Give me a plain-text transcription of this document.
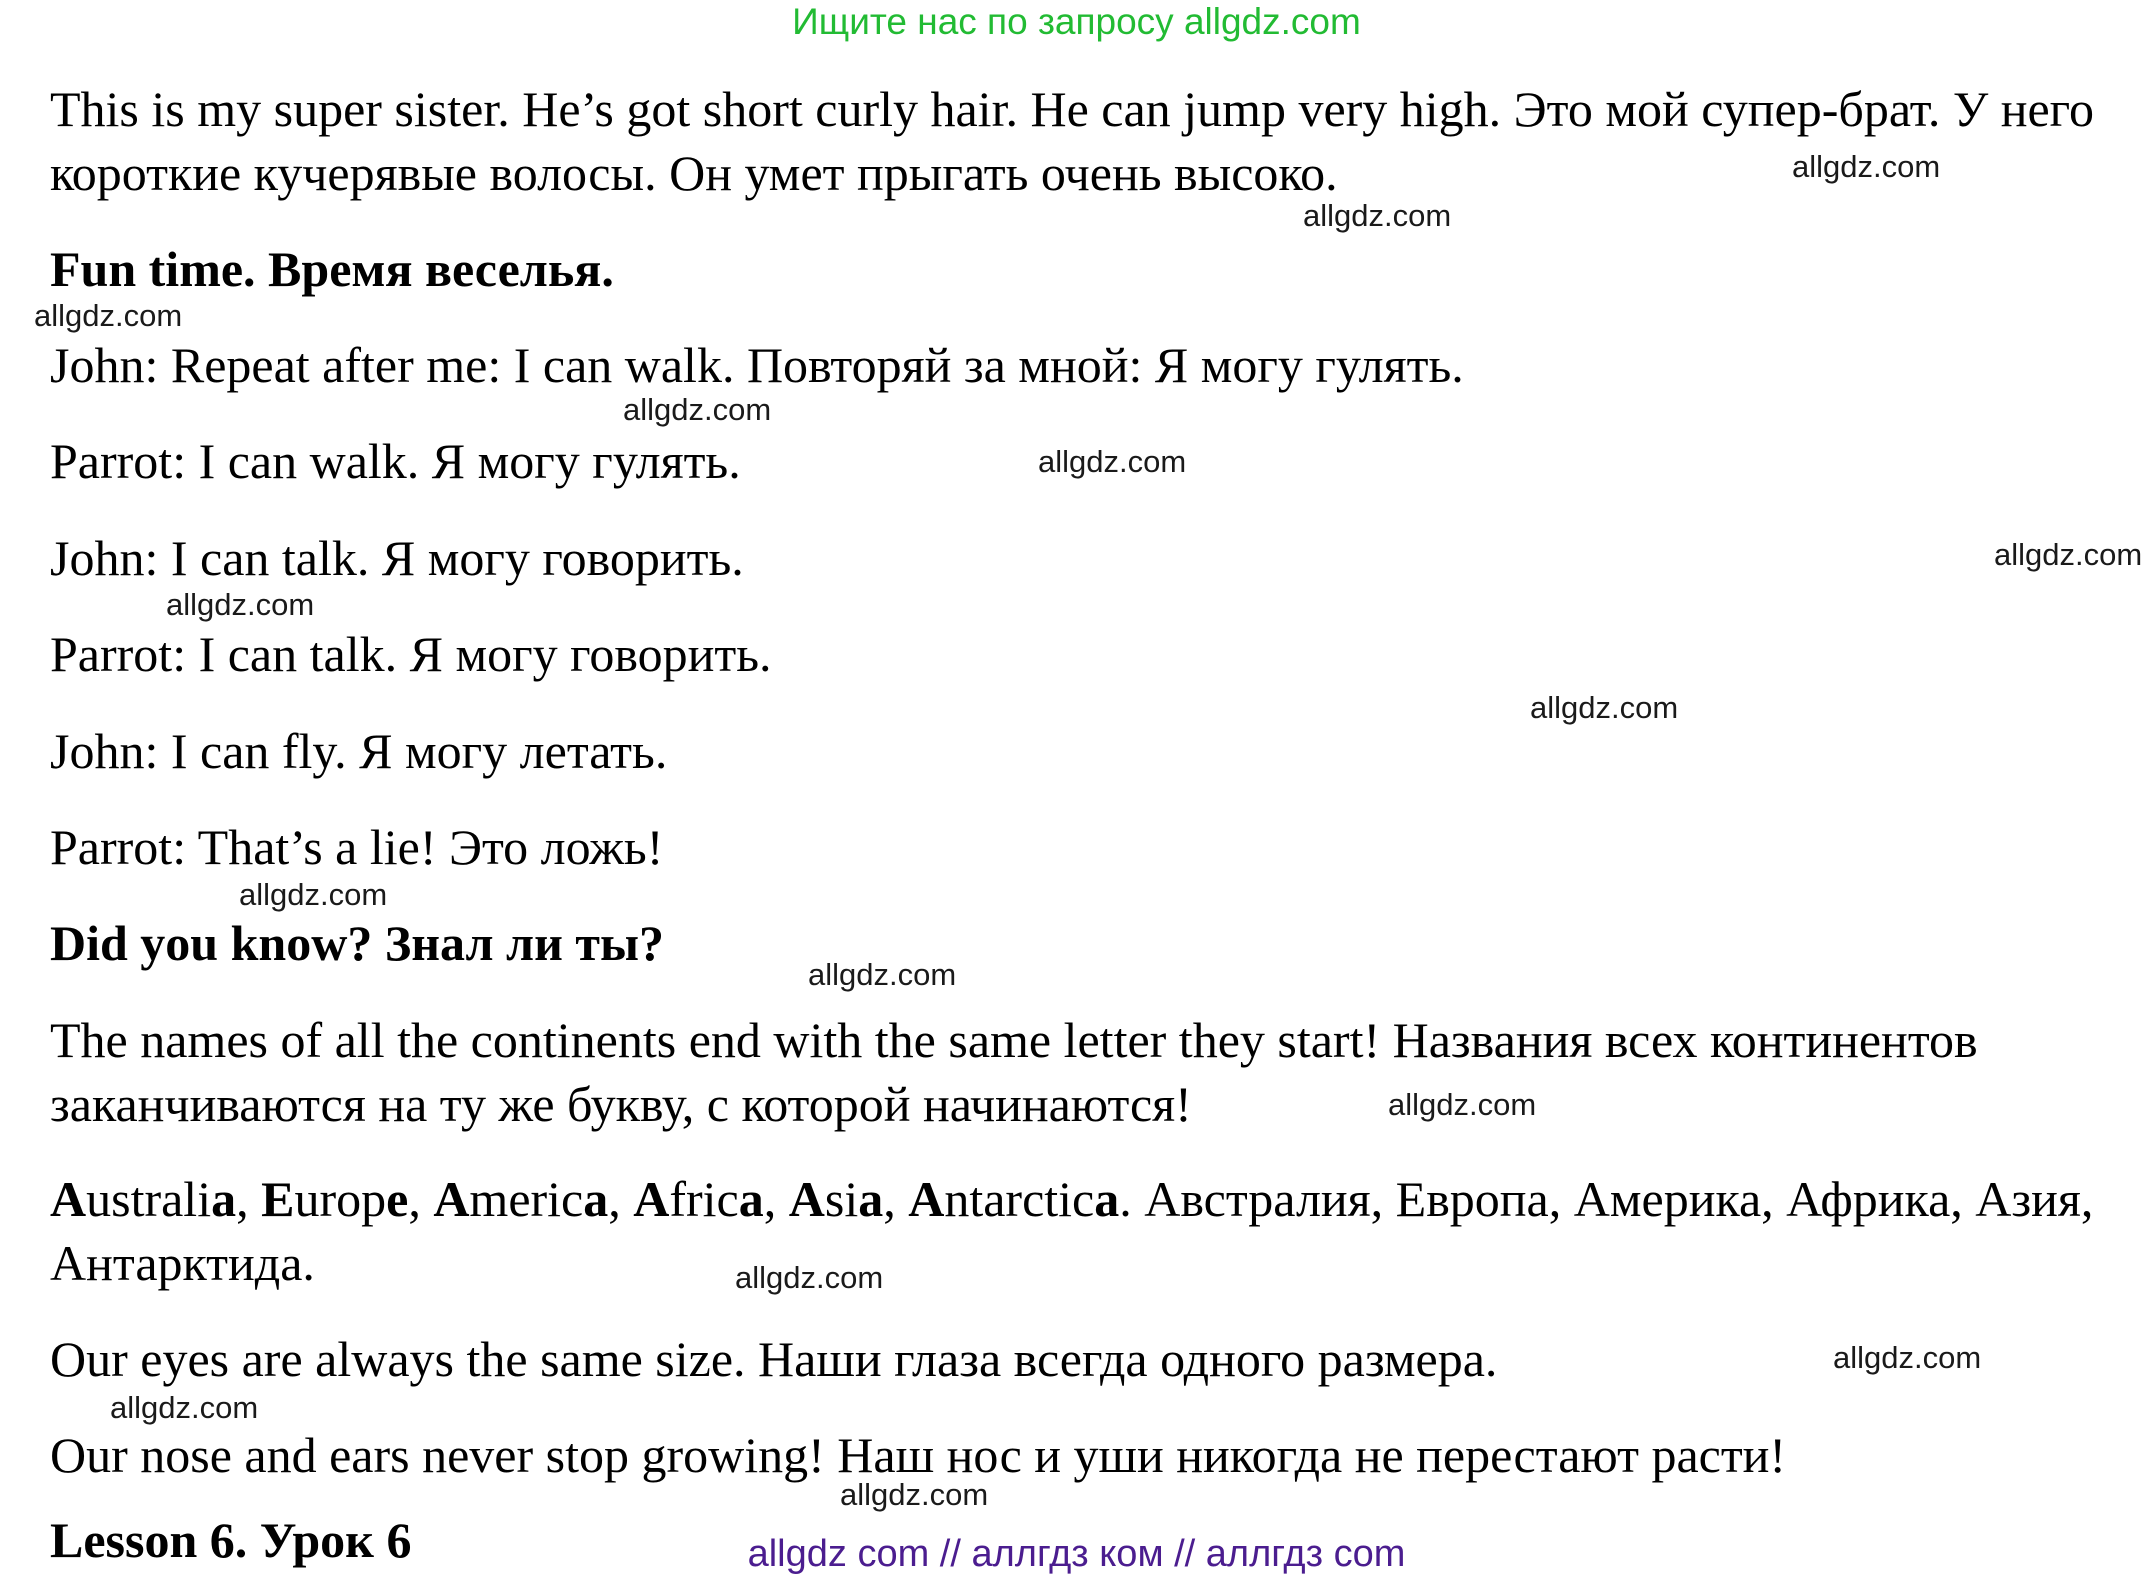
Ищите нас по запросу allgdz.com
This is my super sister. He’s got short curly hair. He can jump very high. Это мой супер-брат. У него
короткие кучерявые волосы. Он умет прыгать очень высоко.
Fun time. Время веселья.
John: Repeat after me: I can walk. Повторяй за мной: Я могу гулять.
Parrot: I can walk. Я могу гулять.
John: I can talk. Я могу говорить.
Parrot: I can talk. Я могу говорить.
John: I can fly. Я могу летать.
Parrot: That’s a lie! Это ложь!
Did you know? Знал ли ты?
The names of all the continents end with the same letter they start! Названия всех континентов
заканчиваются на ту же букву, с которой начинаются!
Australia, Europe, America, Africa, Asia, Antarctica. Австралия, Европа, Америка, Африка, Азия,
Антарктида.
Our eyes are always the same size. Наши глаза всегда одного размера.
Our nose and ears never stop growing! Наш нос и уши никогда не перестают расти!
Lesson 6. Урок 6
allgdz.com
allgdz.com
allgdz.com
allgdz.com
allgdz.com
allgdz.com
allgdz.com
allgdz.com
allgdz.com
allgdz.com
allgdz.com
allgdz.com
allgdz.com
allgdz.com
allgdz.com
allgdz com // аллгдз ком // аллгдз com
